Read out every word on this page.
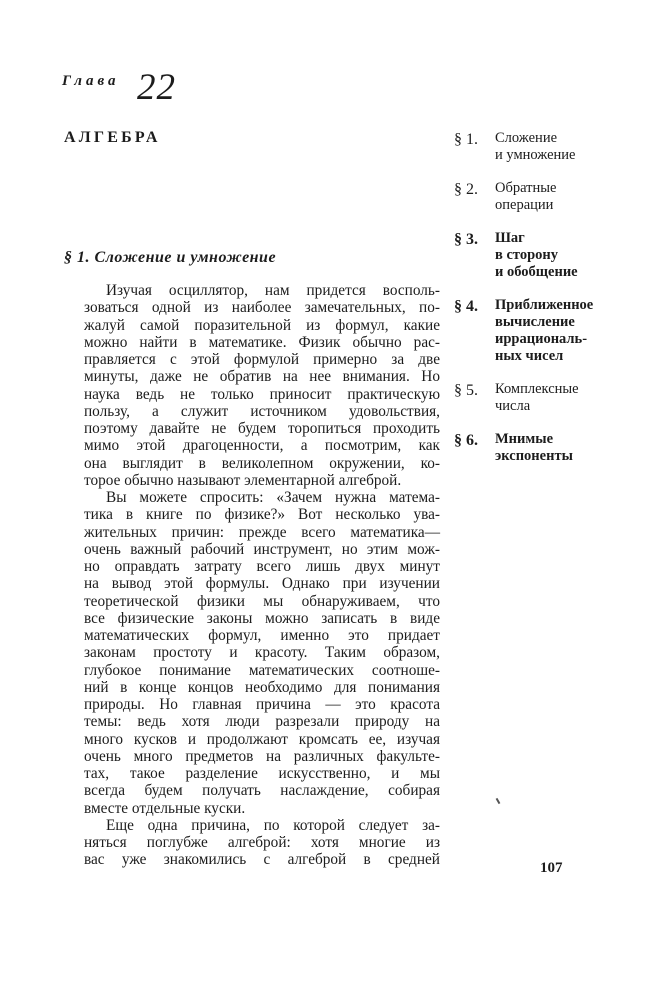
Глава 22
АЛГЕБРА
§ 1. Сложение и умножение
Изучая осциллятор, нам придется восполь-
зоваться одной из наиболее замечательных, по-
жалуй самой поразительной из формул, какие
можно найти в математике. Физик обычно рас-
правляется с этой формулой примерно за две
минуты, даже не обратив на нее внимания. Но
наука ведь не только приносит практическую
пользу, а служит источником удовольствия,
поэтому давайте не будем торопиться проходить
мимо этой драгоценности, а посмотрим, как
она выглядит в великолепном окружении, ко-
торое обычно называют элементарной алгеброй.
Вы можете спросить: «Зачем нужна матема-
тика в книге по физике?» Вот несколько ува-
жительных причин: прежде всего математика—
очень важный рабочий инструмент, но этим мож-
но оправдать затрату всего лишь двух минут
на вывод этой формулы. Однако при изучении
теоретической физики мы обнаруживаем, что
все физические законы можно записать в виде
математических формул, именно это придает
законам простоту и красоту. Таким образом,
глубокое понимание математических соотноше-
ний в конце концов необходимо для понимания
природы. Но главная причина — это красота
темы: ведь хотя люди разрезали природу на
много кусков и продолжают кромсать ее, изучая
очень много предметов на различных факульте-
тах, такое разделение искусственно, и мы
всегда будем получать наслаждение, собирая
вместе отдельные куски.
Еще одна причина, по которой следует за-
няться поглубже алгеброй: хотя многие из
вас уже знакомились с алгеброй в средней
§ 1. Сложение
и умножение
§ 2. Обратные
операции
§ 3. Шаг
в сторону
и обобщение
§ 4. Приближенное
вычисление
иррациональ-
ных чисел
§ 5. Комплексные
числа
§ 6. Мнимые
экспоненты
107
